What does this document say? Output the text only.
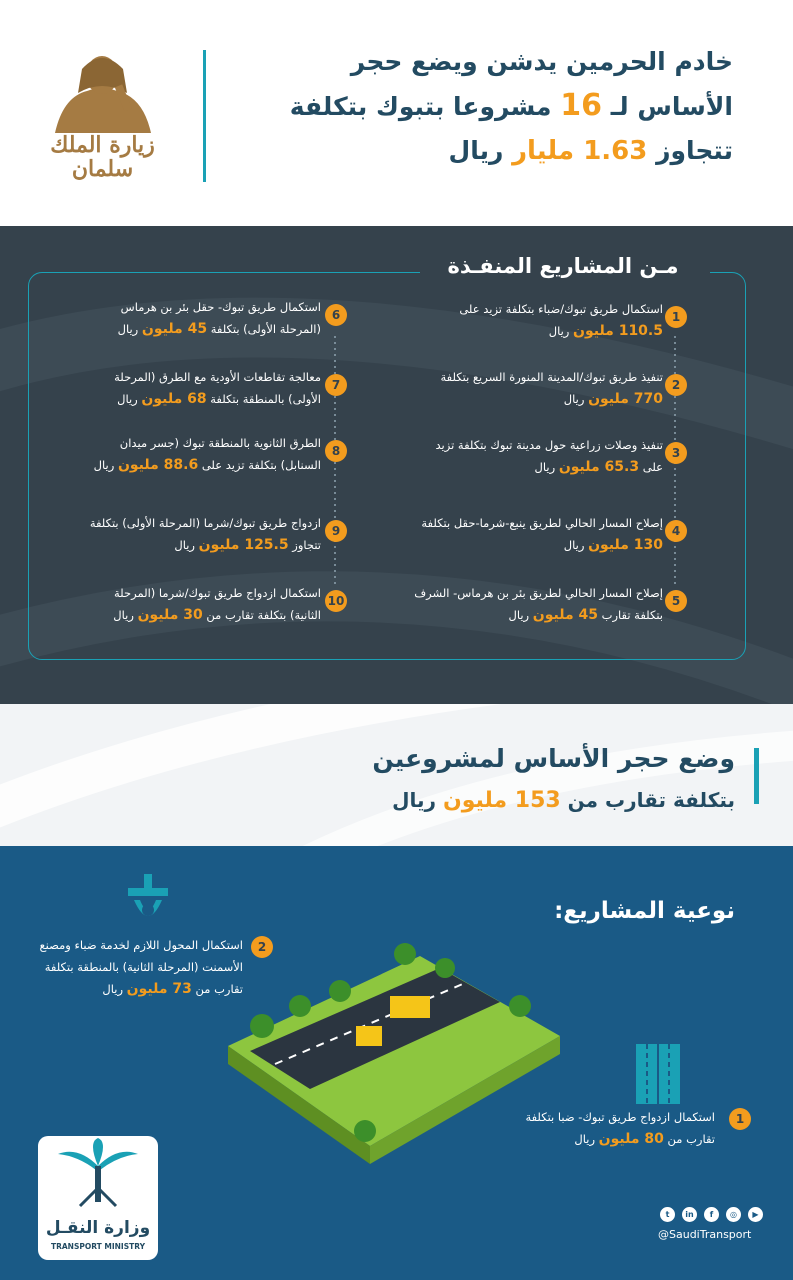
زيارة الملك
سلمان
خادم الحرمين يدشن ويضع حجر
الأساس لـ 16 مشروعا بتبوك بتكلفة
تتجاوز 1.63 مليار ريال
مـن المشاريع المنفـذة
1
استكمال طريق تبوك/ضباء بتكلفة تزيد على 110.5 مليون ريال
2
تنفيذ طريق تبوك/المدينة المنورة السريع بتكلفة 770 مليون ريال
3
تنفيذ وصلات زراعية حول مدينة تبوك بتكلفة تزيد على 65.3 مليون ريال
4
إصلاح المسار الحالي لطريق ينبع-شرما-حقل بتكلفة 130 مليون ريال
5
إصلاح المسار الحالي لطريق بئر بن هرماس- الشرف بتكلفة تقارب 45 مليون ريال
6
استكمال طريق تبوك- حقل بئر بن هرماس (المرحلة الأولى) بتكلفة 45 مليون ريال
7
معالجة تقاطعات الأودية مع الطرق (المرحلة الأولى) بالمنطقة بتكلفة 68 مليون ريال
8
الطرق الثانوية بالمنطقة تبوك (جسر ميدان السنابل) بتكلفة تزيد على 88.6 مليون ريال
9
ازدواج طريق تبوك/شرما (المرحلة الأولى) بتكلفة تتجاوز 125.5 مليون ريال
10
استكمال ازدواج طريق تبوك/شرما (المرحلة الثانية) بتكلفة تقارب من 30 مليون ريال
وضع حجر الأساس لمشروعين
بتكلفة تقارب من 153 مليون ريال
نوعية المشاريع:
2
استكمال المحول اللازم لخدمة ضباء ومصنع الأسمنت (المرحلة الثانية) بالمنطقة بتكلفة تقارب من 73 مليون ريال
1
استكمال ازدواج طريق تبوك- ضبا بتكلفة تقارب من 80 مليون ريال
وزارة النقـل
TRANSPORT MINISTRY
t	in	f	◎	▶
@SaudiTransport
